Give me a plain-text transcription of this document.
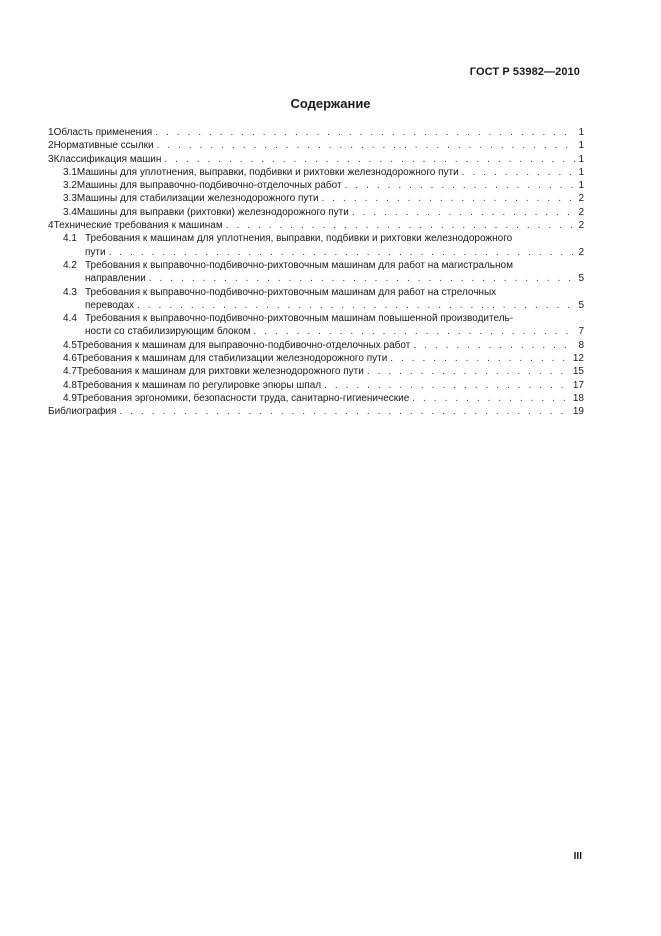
ГОСТ Р 53982—2010
Содержание
1 Область применения . . .	1
2 Нормативные ссылки . . .	1
3 Классификация машин . . .	1
3.1 Машины для уплотнения, выправки, подбивки и рихтовки железнодорожного пути . . .	1
3.2 Машины для выправочно-подбивочно-отделочных работ . . .	1
3.3 Машины для стабилизации железнодорожного пути . . .	2
3.4 Машины для выправки (рихтовки) железнодорожного пути . . .	2
4 Технические требования к машинам . . .	2
4.1 Требования к машинам для уплотнения, выправки, подбивки и рихтовки железнодорожного
пути . . .	2
4.2 Требования к выправочно-подбивочно-рихтовочным машинам для работ на магистральном
направлении . . .	5
4.3 Требования к выправочно-подбивочно-рихтовочным машинам для работ на стрелочных
переводах . . .	5
4.4 Требования к выправочно-подбивочно-рихтовочным машинам повышенной производитель-
ности со стабилизирующим блоком . . .	7
4.5 Требования к машинам для выправочно-подбивочно-отделочных работ . . .	8
4.6 Требования к машинам для стабилизации железнодорожного пути . . .	12
4.7 Требования к машинам для рихтовки железнодорожного пути . . .	15
4.8 Требования к машинам по регулировке эпюры шпал . . .	17
4.9 Требования эргономики, безопасности труда, санитарно-гигиенические . . .	18
Библиография . . .	19
III
